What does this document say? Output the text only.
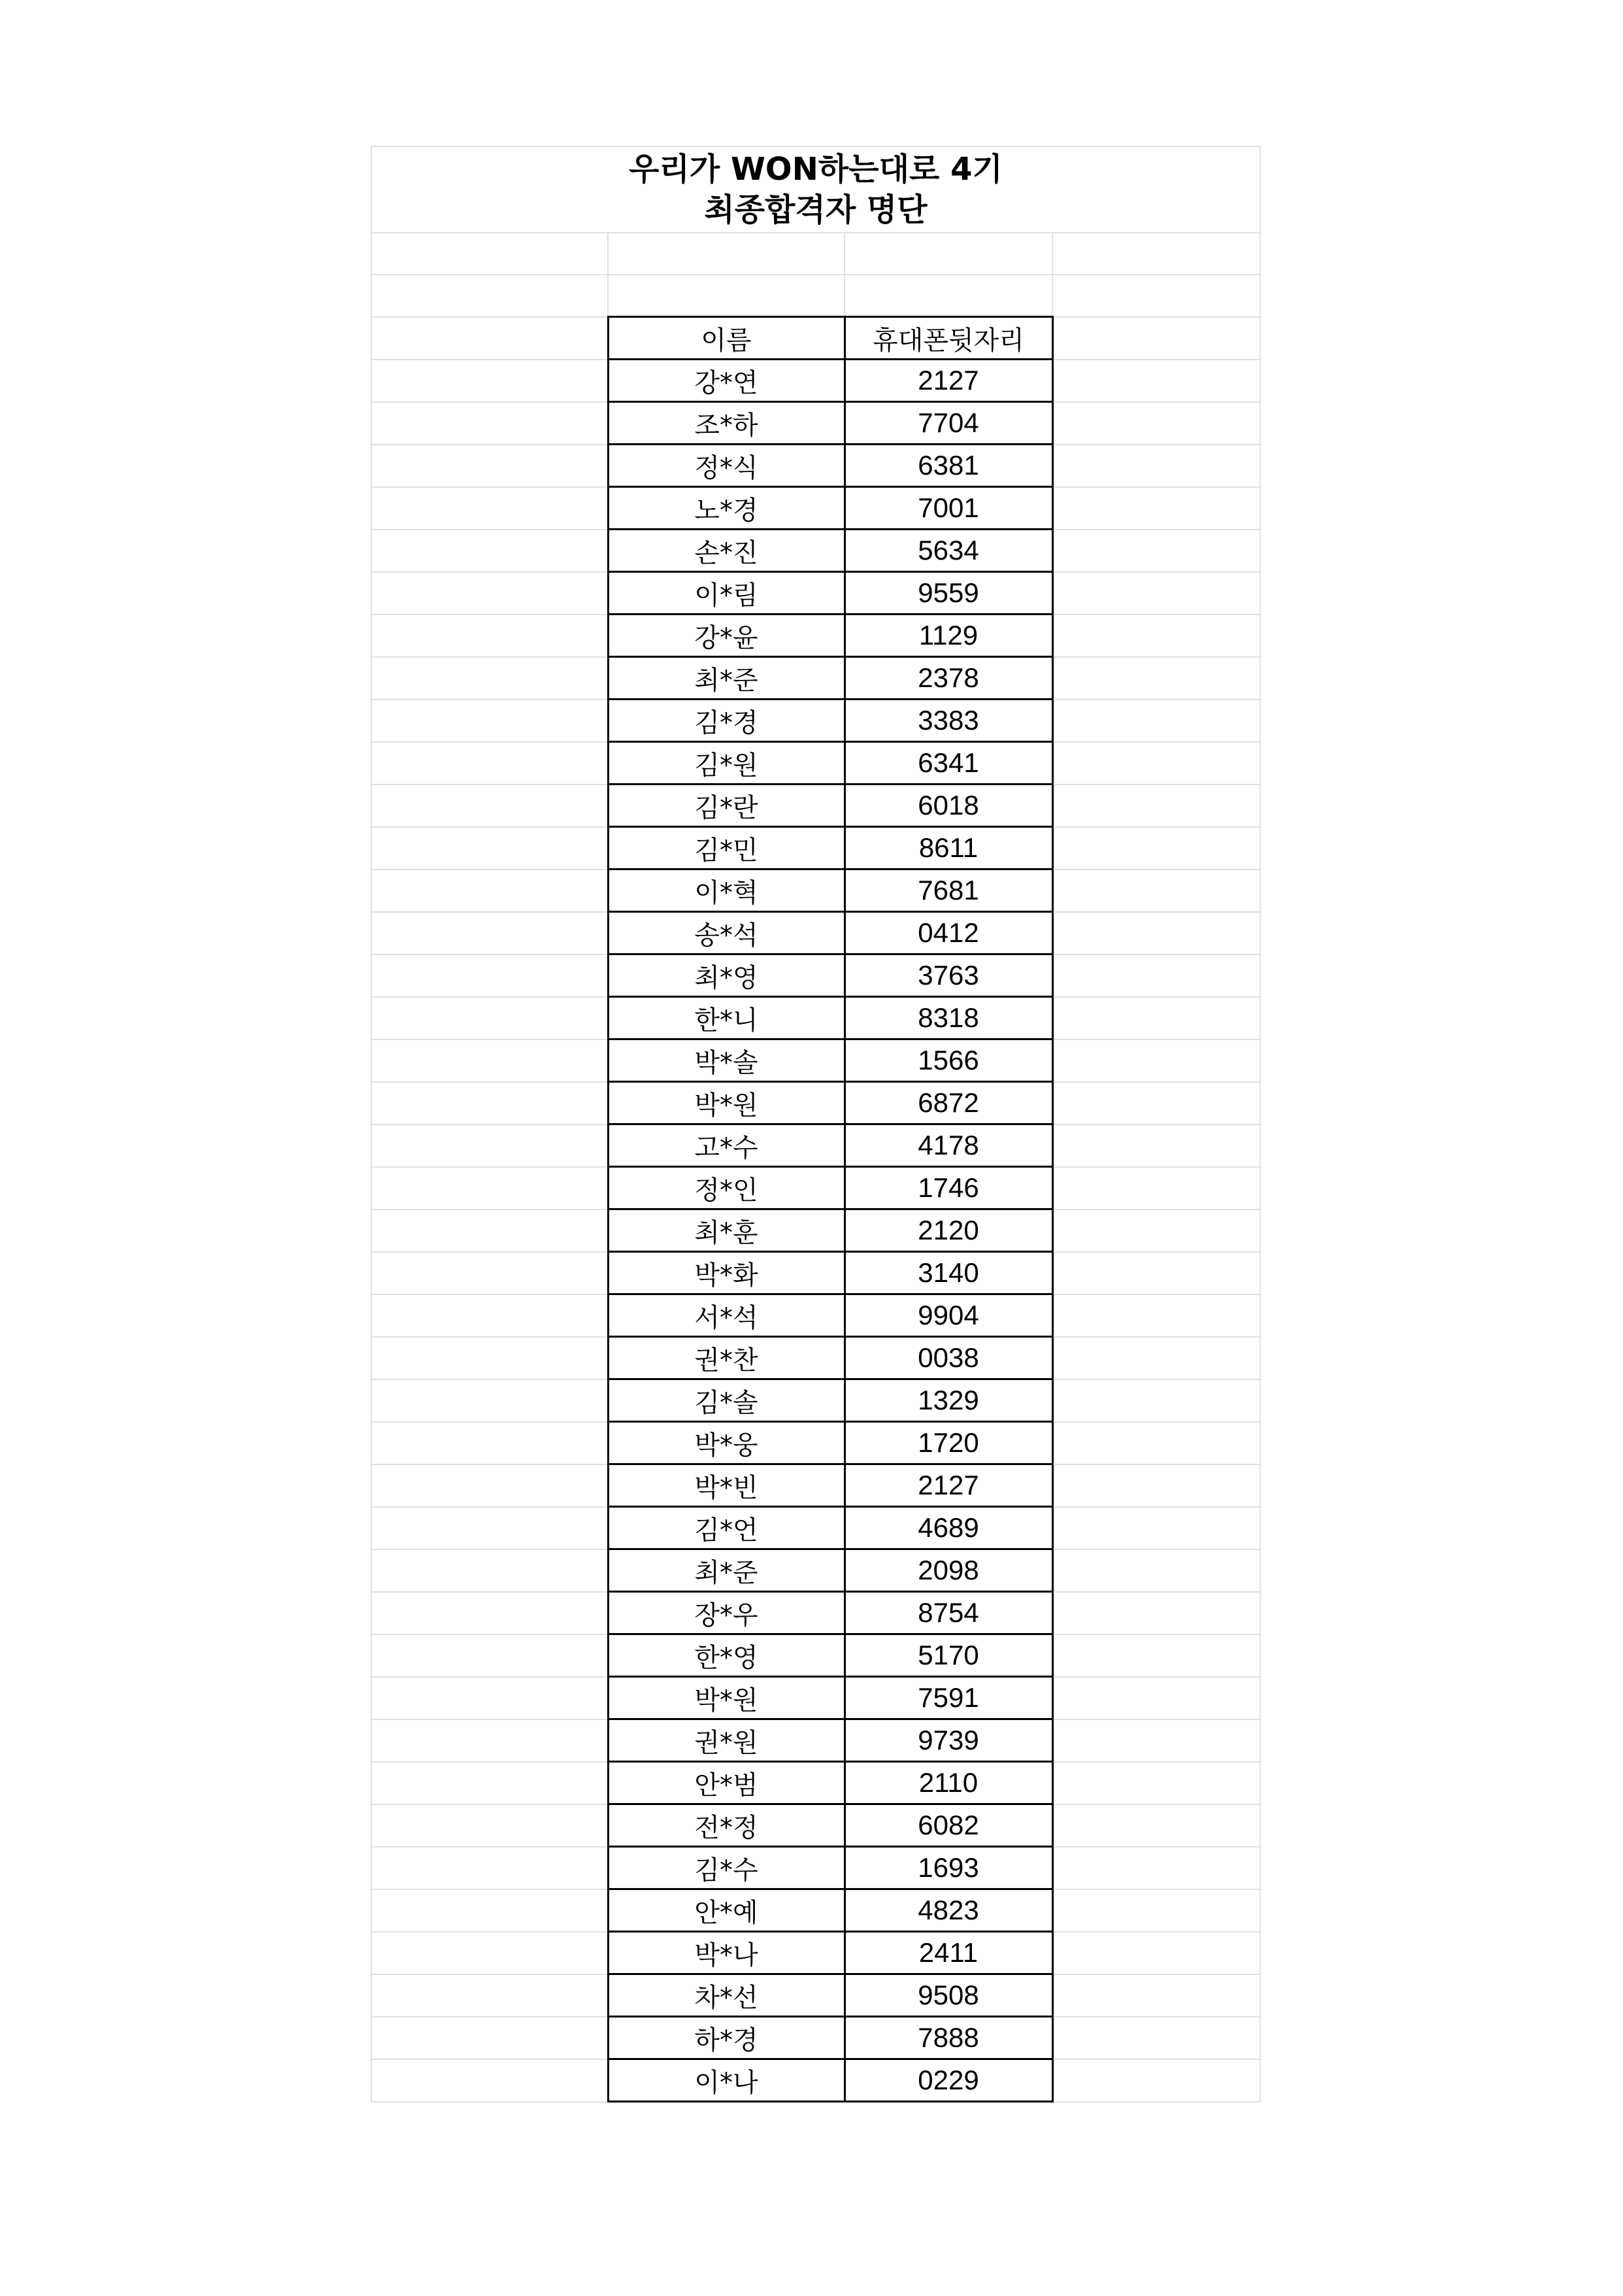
우리가 WON하는대로 4기
최종합격자 명단			

	이름	휴대폰뒷자리	
	강*연	2127	
	조*하	7704	
	정*식	6381	
	노*경	7001	
	손*진	5634	
	이*림	9559	
	강*윤	1129	
	최*준	2378	
	김*경	3383	
	김*원	6341	
	김*란	6018	
	김*민	8611	
	이*혁	7681	
	송*석	0412	
	최*영	3763	
	한*니	8318	
	박*솔	1566	
	박*원	6872	
	고*수	4178	
	정*인	1746	
	최*훈	2120	
	박*화	3140	
	서*석	9904	
	권*찬	0038	
	김*솔	1329	
	박*웅	1720	
	박*빈	2127	
	김*언	4689	
	최*준	2098	
	장*우	8754	
	한*영	5170	
	박*원	7591	
	권*원	9739	
	안*범	2110	
	전*정	6082	
	김*수	1693	
	안*예	4823	
	박*나	2411	
	차*선	9508	
	하*경	7888	
	이*나	0229	
